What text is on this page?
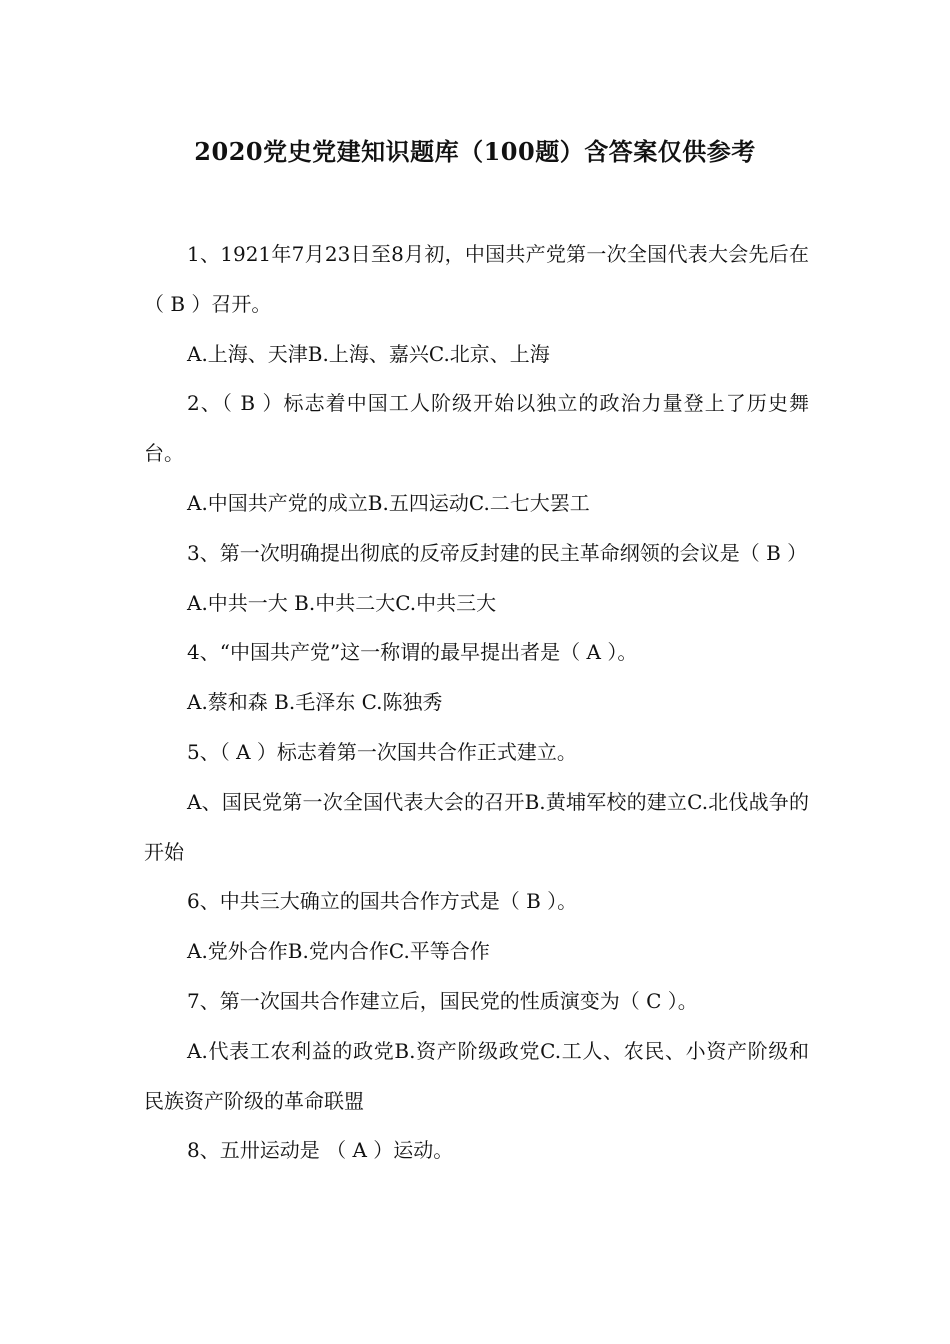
2020党史党建知识题库（100题）含答案仅供参考

1、1921年7月23日至8月初，中国共产党第一次全国代表大会先后在（ B ）召开。

A.上海、天津B.上海、嘉兴C.北京、上海

2、（ B ）标志着中国工人阶级开始以独立的政治力量登上了历史舞台。

A.中国共产党的成立B.五四运动C.二七大罢工

3、第一次明确提出彻底的反帝反封建的民主革命纲领的会议是（ B ）

A.中共一大 B.中共二大C.中共三大

4、“中国共产党”这一称谓的最早提出者是（ A ）。

A.蔡和森 B.毛泽东 C.陈独秀

5、（ A ）标志着第一次国共合作正式建立。

A、国民党第一次全国代表大会的召开B.黄埔军校的建立C.北伐战争的开始

6、中共三大确立的国共合作方式是（ B ）。

A.党外合作B.党内合作C.平等合作

7、第一次国共合作建立后，国民党的性质演变为（ C ）。

A.代表工农利益的政党B.资产阶级政党C.工人、农民、小资产阶级和民族资产阶级的革命联盟

8、五卅运动是 （ A ）运动。
